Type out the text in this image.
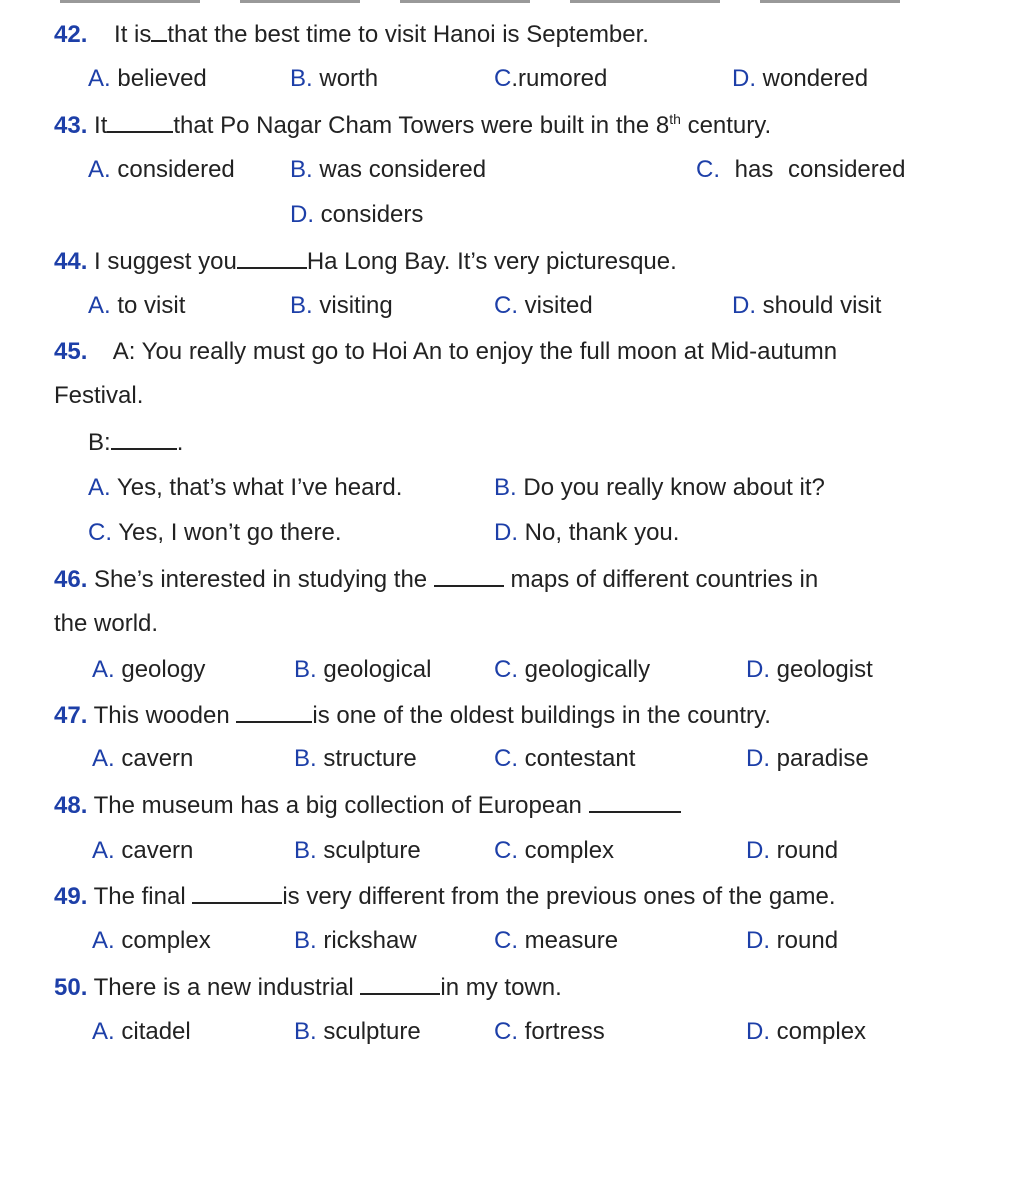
42. It is that the best time to visit Hanoi is September.
A. believed	B. worth	C.rumored	D. wondered
43. It	that Po Nagar Cham Towers were built in the 8th century.
A. considered B. was considered	C. has considered
D. considers
44. I suggest you	Ha Long Bay. It’s very picturesque.
A. to visit	B. visiting	C. visited	D. should visit
45. A: You really must go to Hoi An to enjoy the full moon at Mid-autumn
Festival.
B:	.
A. Yes, that’s what I’ve heard.	B. Do you really know about it?
C. Yes, I won’t go there.	D. No, thank you.
46. She’s interested in studying the	maps of different countries in
the world.
A. geology	B. geological	C. geologically	D. geologist
47. This wooden	is one of the oldest buildings in the country.
A. cavern	B. structure	C. contestant	D. paradise
48. The museum has a big collection of European
A. cavern	B. sculpture	C. complex	D. round
49. The final	is very different from the previous ones of the game.
A. complex	B. rickshaw	C. measure	D. round
50. There is a new industrial	in my town.
A. citadel	B. sculpture	C. fortress	D. complex
